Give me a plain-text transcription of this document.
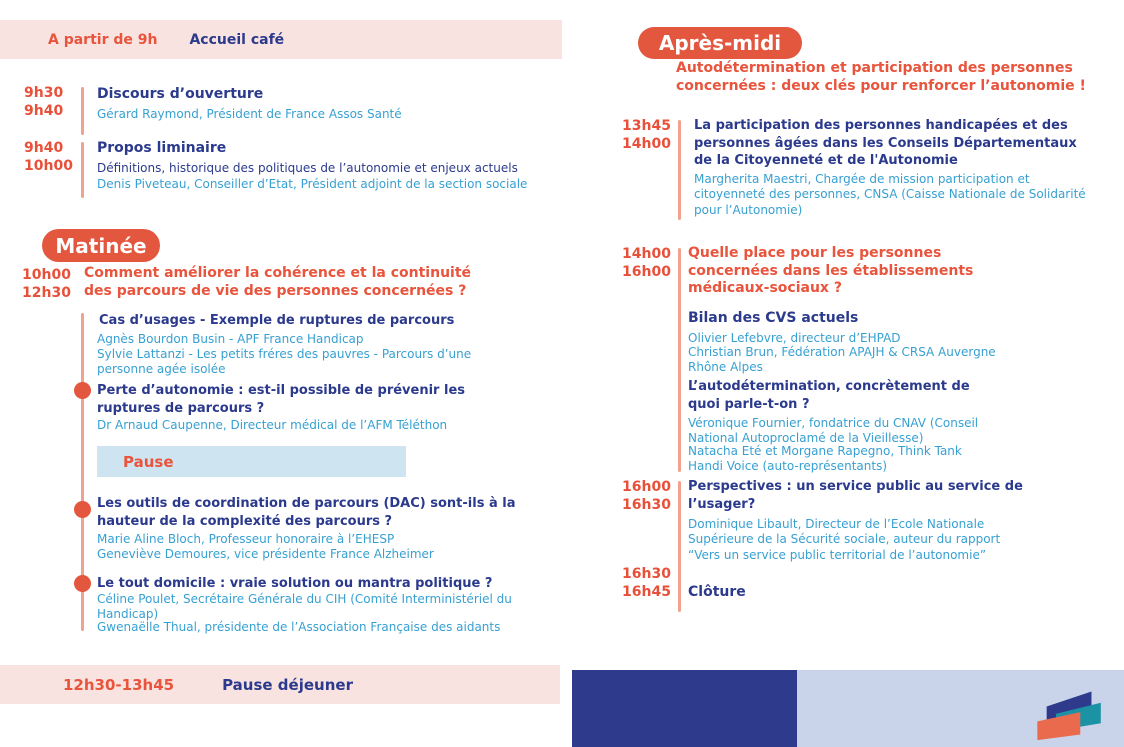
A partir de 9h Accueil café
9h30
9h40
Discours d’ouverture
Gérard Raymond, Président de France Assos Santé
9h40
10h00
Propos liminaire
Définitions, historique des politiques de l’autonomie et enjeux actuels
Denis Piveteau, Conseiller d’Etat, Président adjoint de la section sociale
Matinée
10h00
12h30
Comment améliorer la cohérence et la continuité des parcours de vie des personnes concernées ?
Cas d’usages - Exemple de ruptures de parcours
Agnès Bourdon Busin - APF France Handicap
Sylvie Lattanzi - Les petits fréres des pauvres - Parcours d’une personne agée isolée
Perte d’autonomie : est-il possible de prévenir les ruptures de parcours ?
Dr Arnaud Caupenne, Directeur médical de l’AFM Téléthon
Pause
Les outils de coordination de parcours (DAC) sont-ils à la hauteur de la complexité des parcours ?
Marie Aline Bloch, Professeur honoraire à l’EHESP
Geneviève Demoures, vice présidente France Alzheimer
Le tout domicile : vraie solution ou mantra politique ?
Céline Poulet, Secrétaire Générale du CIH (Comité Interministériel du Handicap)
Gwenaëlle Thual, présidente de l’Association Française des aidants
12h30-13h45	Pause déjeuner
Après-midi
Autodétermination et participation des personnes concernées : deux clés pour renforcer l’autonomie !
13h45
14h00
La participation des personnes handicapées et des personnes âgées dans les Conseils Départementaux de la Citoyenneté et de l'Autonomie
Margherita Maestri, Chargée de mission participation et citoyenneté des personnes, CNSA (Caisse Nationale de Solidarité pour l’Autonomie)
14h00
16h00
Quelle place pour les personnes concernées dans les établissements médicaux-sociaux ?
Bilan des CVS actuels
Olivier Lefebvre, directeur d’EHPAD
Christian Brun, Fédération APAJH & CRSA Auvergne Rhône Alpes
L’autodétermination, concrètement de quoi parle-t-on ?
Véronique Fournier, fondatrice du CNAV (Conseil National Autoproclamé de la Vieillesse)
Natacha Eté et Morgane Rapegno, Think Tank Handi Voice (auto-représentants)
16h00
16h30
Perspectives : un service public au service de l’usager?
Dominique Libault, Directeur de l’Ecole Nationale Supérieure de la Sécurité sociale, auteur du rapport “Vers un service public territorial de l’autonomie”
16h30
16h45 Clôture
